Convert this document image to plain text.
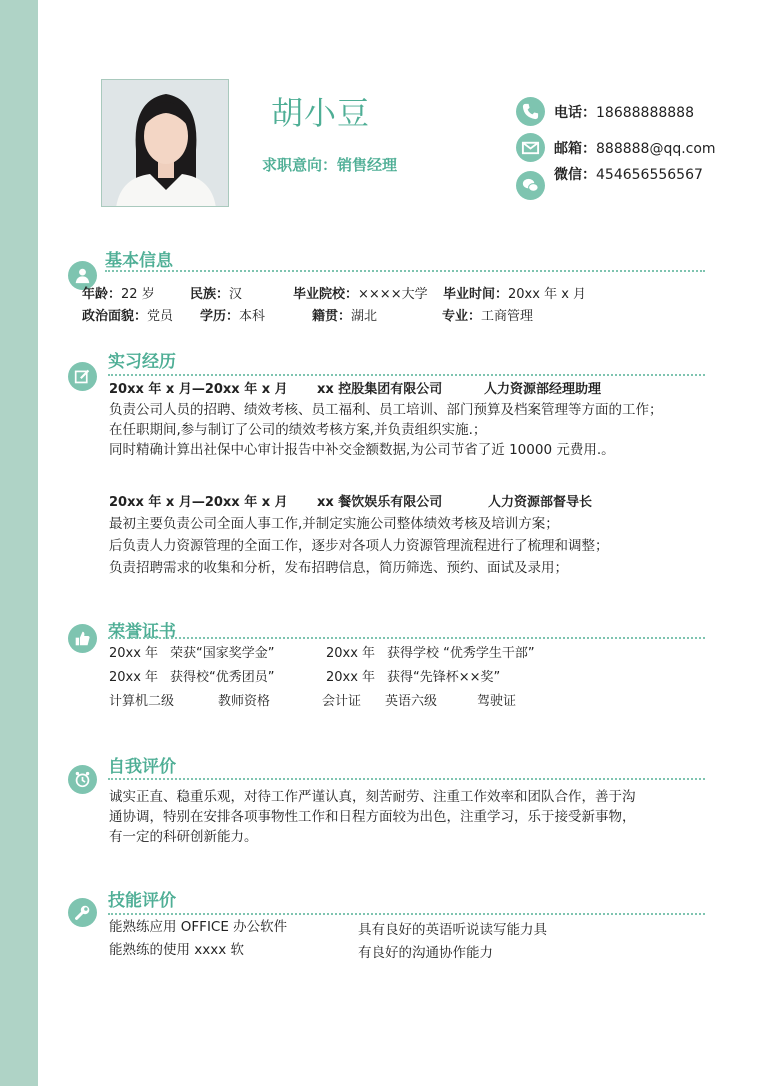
胡小豆
求职意向：销售经理
电话：18688888888
邮箱：888888@qq.com
微信：454656556567
基本信息
年龄：22 岁	民族：汉	毕业院校：××××大学 毕业时间：20xx 年 x 月
政治面貌：党员 学历：本科	籍贯：湖北	专业：工商管理
实习经历
20xx 年 x 月—20xx 年 x 月 xx 控股集团有限公司	人力资源部经理助理
负责公司人员的招聘、绩效考核、员工福利、员工培训、部门预算及档案管理等方面的工作；
在任职期间,参与制订了公司的绩效考核方案,并负责组织实施.；
同时精确计算出社保中心审计报告中补交金额数据,为公司节省了近 10000 元费用.。
20xx 年 x 月—20xx 年 x 月 xx 餐饮娱乐有限公司	人力资源部督导长
最初主要负责公司全面人事工作,并制定实施公司整体绩效考核及培训方案；
后负责人力资源管理的全面工作，逐步对各项人力资源管理流程进行了梳理和调整；
负责招聘需求的收集和分析，发布招聘信息，简历筛选、预约、面试及录用；
荣誉证书
20xx 年 荣获“国家奖学金”	20xx 年 获得学校 “优秀学生干部”
20xx 年 获得校“优秀团员”	20xx 年 获得“先锋杯××奖”
计算机二级	教师资格	会计证 英语六级	驾驶证
自我评价
诚实正直、稳重乐观，对待工作严谨认真，刻苦耐劳、注重工作效率和团队合作，善于沟
通协调，特别在安排各项事物性工作和日程方面较为出色，注重学习，乐于接受新事物，
有一定的科研创新能力。
技能评价
能熟练应用 OFFICE 办公软件	具有良好的英语听说读写能力具
能熟练的使用 xxxx 软	有良好的沟通协作能力
